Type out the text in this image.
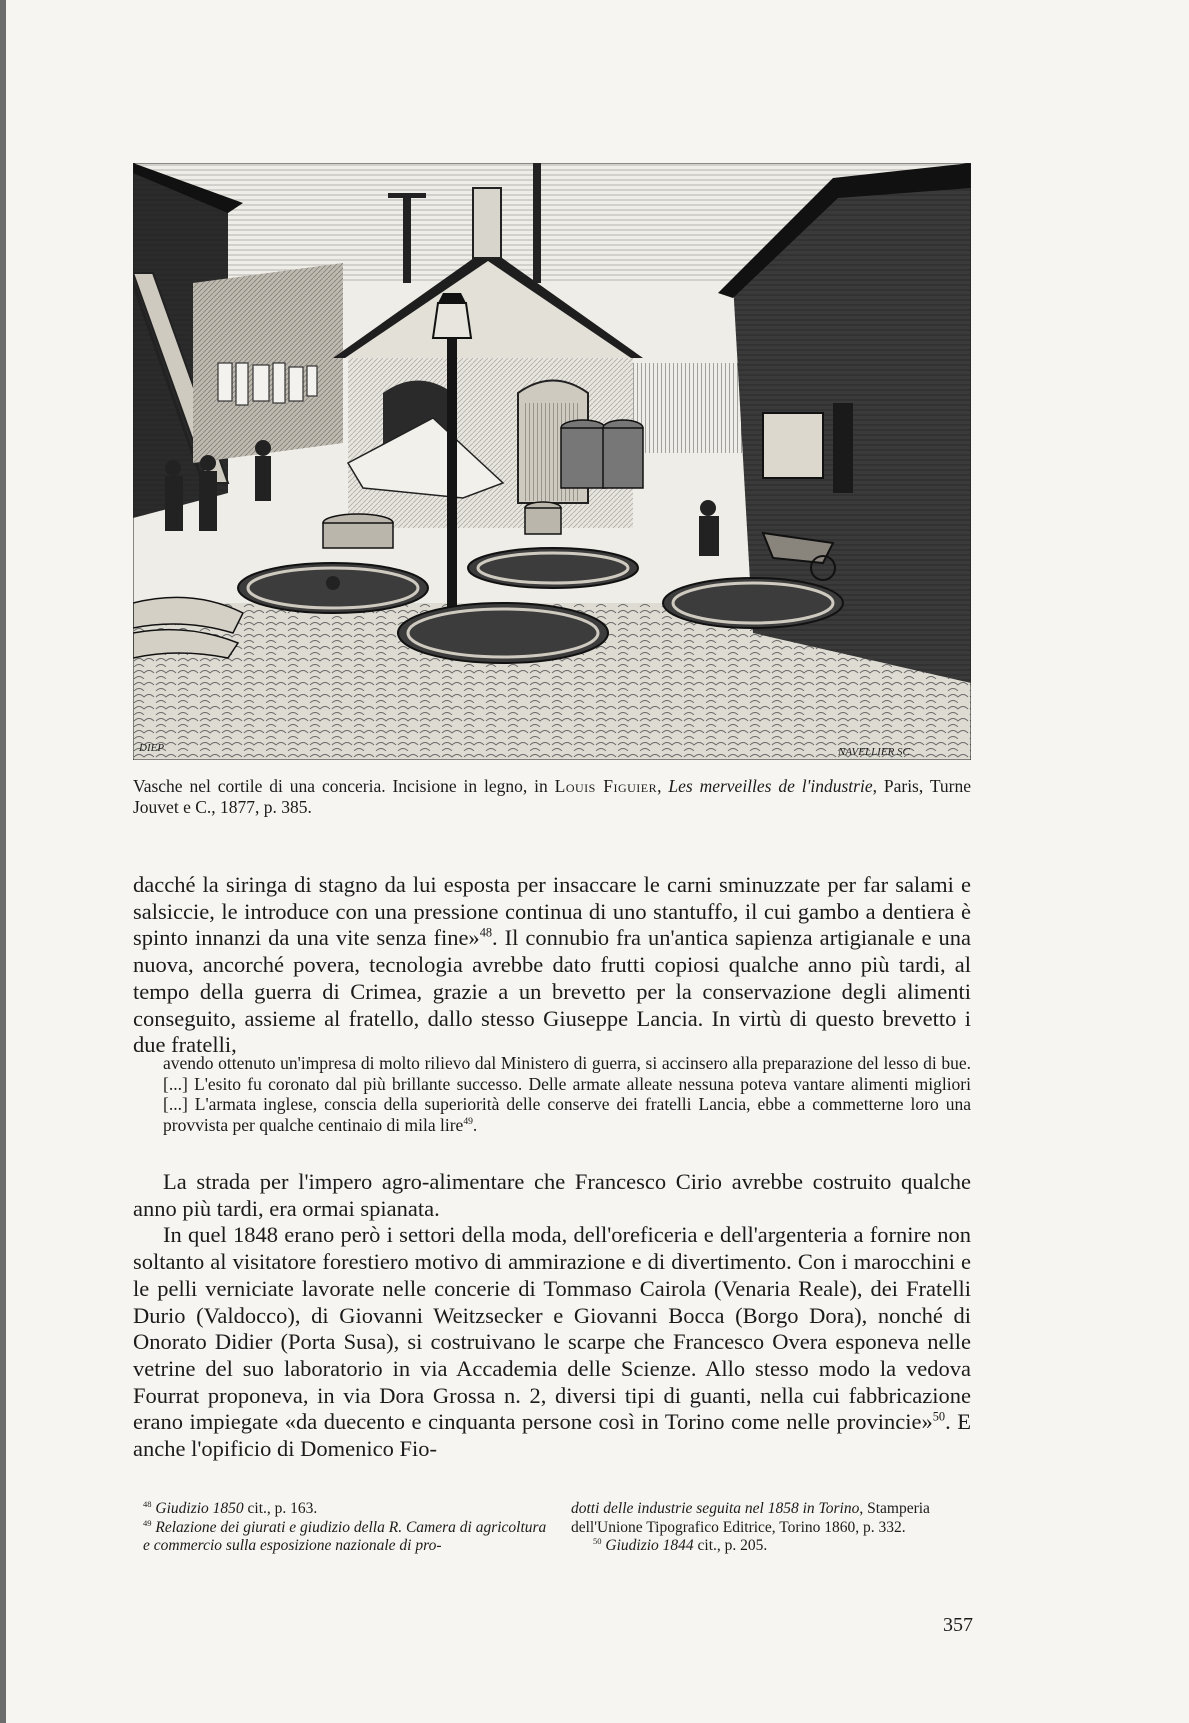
DIEP	NAVELLIER SC
Vasche nel cortile di una conceria. Incisione in legno, in Louis Figuier, Les merveilles de l'industrie, Paris, Turne Jouvet e C., 1877, p. 385.

dacché la siringa di stagno da lui esposta per insaccare le carni sminuzzate per far salami e salsiccie, le introduce con una pressione continua di uno stantuffo, il cui gambo a dentiera è spinto innanzi da una vite senza fine»$^{48}$. Il connubio fra un'antica sapienza artigianale e una nuova, ancorché povera, tecnologia avrebbe dato frutti copiosi qualche anno più tardi, al tempo della guerra di Crimea, grazie a un brevetto per la conservazione degli alimenti conseguito, assieme al fratello, dallo stesso Giuseppe Lancia. In virtù di questo brevetto i due fratelli,

avendo ottenuto un'impresa di molto rilievo dal Ministero di guerra, si accinsero alla preparazione del lesso di bue. [...] L'esito fu coronato dal più brillante successo. Delle armate alleate nessuna poteva vantare alimenti migliori [...] L'armata inglese, conscia della superiorità delle conserve dei fratelli Lancia, ebbe a commetterne loro una provvista per qualche centinaio di mila lire$^{49}$.

La strada per l'impero agro-alimentare che Francesco Cirio avrebbe costruito qualche anno più tardi, era ormai spianata.

In quel 1848 erano però i settori della moda, dell'oreficeria e dell'argenteria a fornire non soltanto al visitatore forestiero motivo di ammirazione e di divertimento. Con i marocchini e le pelli verniciate lavorate nelle concerie di Tommaso Cairola (Venaria Reale), dei Fratelli Durio (Valdocco), di Giovanni Weitzsecker e Giovanni Bocca (Borgo Dora), nonché di Onorato Didier (Porta Susa), si costruivano le scarpe che Francesco Overa esponeva nelle vetrine del suo laboratorio in via Accademia delle Scienze. Allo stesso modo la vedova Fourrat proponeva, in via Dora Grossa n. 2, diversi tipi di guanti, nella cui fabbricazione erano impiegate «da duecento e cinquanta persone così in Torino come nelle provincie»$^{50}$. E anche l'opificio di Domenico Fio-

$^{48}$ Giudizio 1850 cit., p. 163.

$^{49}$ Relazione dei giurati e giudizio della R. Camera di agricoltura e commercio sulla esposizione nazionale di pro-

dotti delle industrie seguita nel 1858 in Torino, Stamperia dell'Unione Tipografico Editrice, Torino 1860, p. 332.

$^{50}$ Giudizio 1844 cit., p. 205.

357
